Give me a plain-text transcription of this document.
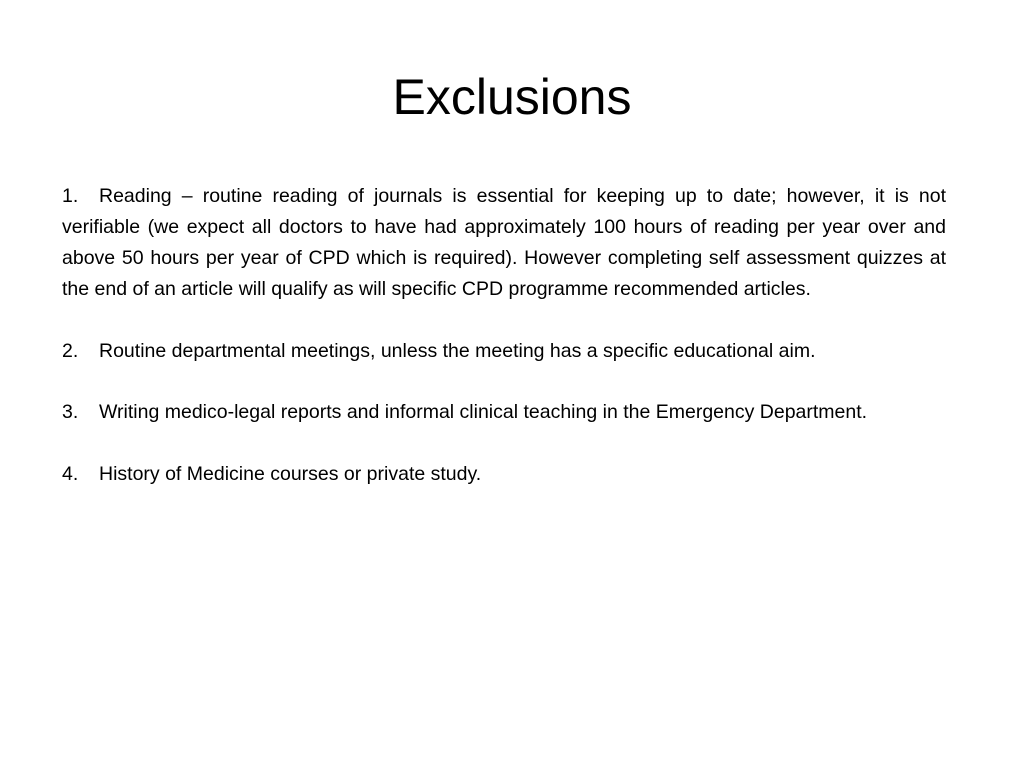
Exclusions

1. Reading – routine reading of journals is essential for keeping up to date; however, it is not verifiable (we expect all doctors to have had approximately 100 hours of reading per year over and above 50 hours per year of CPD which is required). However completing self assessment quizzes at the end of an article will qualify as will specific CPD programme recommended articles.

2. Routine departmental meetings, unless the meeting has a specific educational aim.

3. Writing medico-legal reports and informal clinical teaching in the Emergency Department.

4. History of Medicine courses or private study.
